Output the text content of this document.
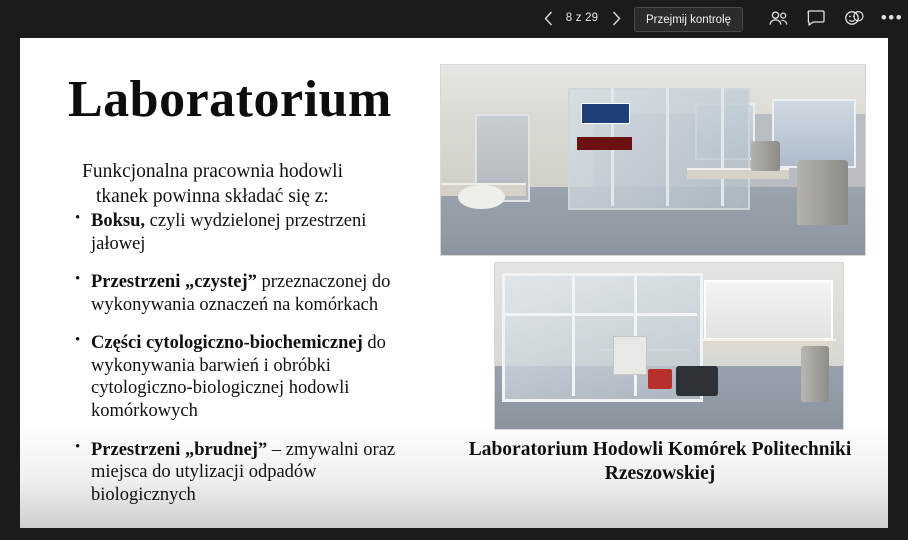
8 z 29	Przejmij kontrolę	•••
Laboratorium
Funkcjonalna pracownia hodowli
tkanek powinna składać się z:
• Boksu, czyli wydzielonej przestrzeni jałowej
• Przestrzeni „czystej” przeznaczonej do wykonywania oznaczeń na komórkach
• Części cytologiczno-biochemicznej do wykonywania barwień i obróbki cytologiczno-biologicznej hodowli komórkowych
• Przestrzeni „brudnej” – zmywalni oraz miejsca do utylizacji odpadów biologicznych
Laboratorium Hodowli Komórek Politechniki
Rzeszowskiej
